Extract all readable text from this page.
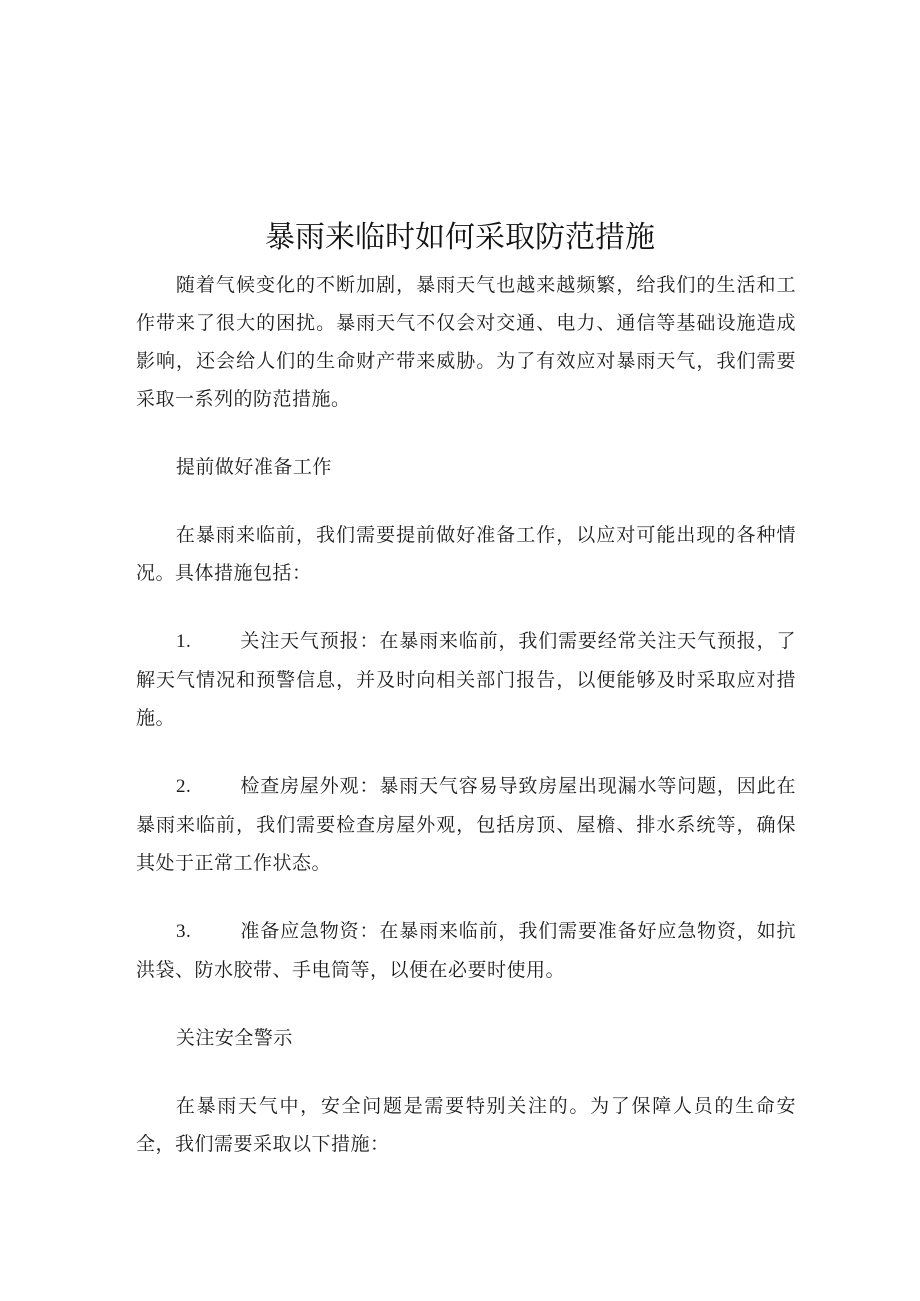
暴雨来临时如何采取防范措施

随着气候变化的不断加剧，暴雨天气也越来越频繁，给我们的生活和工作带来了很大的困扰。暴雨天气不仅会对交通、电力、通信等基础设施造成影响，还会给人们的生命财产带来威胁。为了有效应对暴雨天气，我们需要采取一系列的防范措施。

提前做好准备工作

在暴雨来临前，我们需要提前做好准备工作，以应对可能出现的各种情况。具体措施包括：

1.	关注天气预报：在暴雨来临前，我们需要经常关注天气预报，了解天气情况和预警信息，并及时向相关部门报告，以便能够及时采取应对措施。

2.	检查房屋外观：暴雨天气容易导致房屋出现漏水等问题，因此在暴雨来临前，我们需要检查房屋外观，包括房顶、屋檐、排水系统等，确保其处于正常工作状态。

3.	准备应急物资：在暴雨来临前，我们需要准备好应急物资，如抗洪袋、防水胶带、手电筒等，以便在必要时使用。

关注安全警示

在暴雨天气中，安全问题是需要特别关注的。为了保障人员的生命安全，我们需要采取以下措施：
